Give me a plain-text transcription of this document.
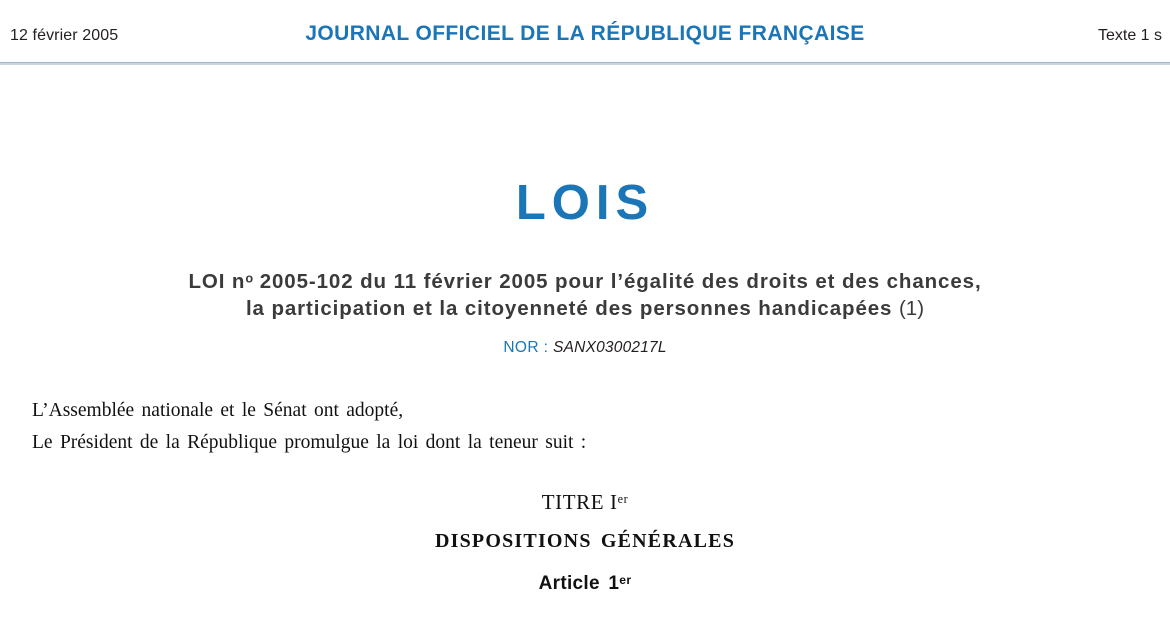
12 février 2005	JOURNAL OFFICIEL DE LA RÉPUBLIQUE FRANÇAISE	Texte 1 s
LOIS
LOI $n^o$ 2005-102 du 11 février 2005 pour l’égalité des droits et des chances,
la participation et la citoyenneté des personnes handicapées (1)
NOR : SANX0300217L
L’Assemblée nationale et le Sénat ont adopté,
Le Président de la République promulgue la loi dont la teneur suit :
TITRE Ier
DISPOSITIONS GÉNÉRALES
Article 1er
